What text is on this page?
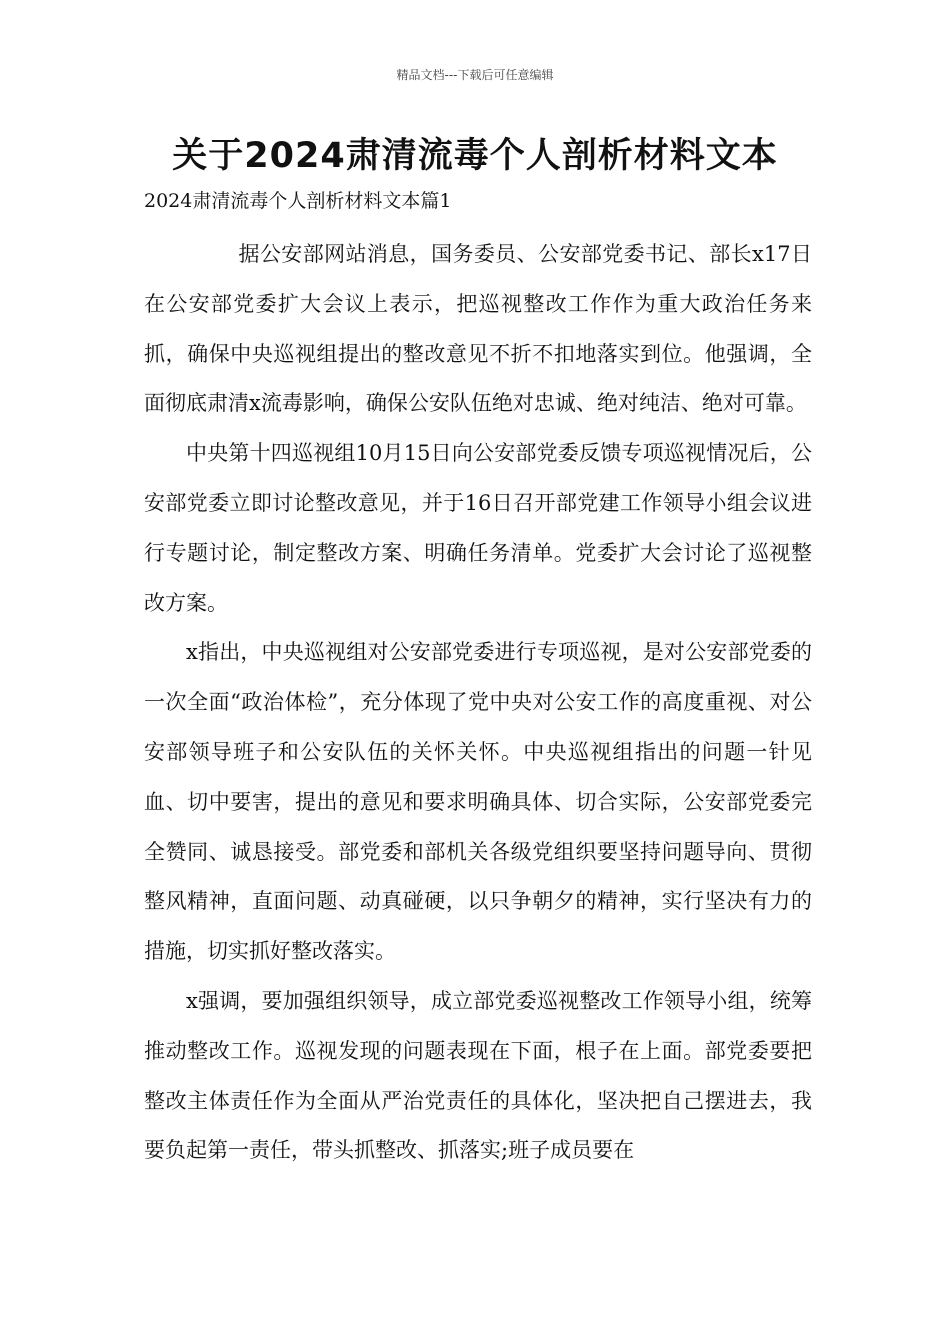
精品文档---下载后可任意编辑
关于2024肃清流毒个人剖析材料文本

2024肃清流毒个人剖析材料文本篇1

据公安部网站消息，国务委员、公安部党委书记、部长x17日在公安部党委扩大会议上表示，把巡视整改工作作为重大政治任务来抓，确保中央巡视组提出的整改意见不折不扣地落实到位。他强调，全面彻底肃清x流毒影响，确保公安队伍绝对忠诚、绝对纯洁、绝对可靠。

中央第十四巡视组10月15日向公安部党委反馈专项巡视情况后，公安部党委立即讨论整改意见，并于16日召开部党建工作领导小组会议进行专题讨论，制定整改方案、明确任务清单。党委扩大会讨论了巡视整改方案。

x指出，中央巡视组对公安部党委进行专项巡视，是对公安部党委的一次全面“政治体检”，充分体现了党中央对公安工作的高度重视、对公安部领导班子和公安队伍的关怀关怀。中央巡视组指出的问题一针见血、切中要害，提出的意见和要求明确具体、切合实际，公安部党委完全赞同、诚恳接受。部党委和部机关各级党组织要坚持问题导向、贯彻整风精神，直面问题、动真碰硬，以只争朝夕的精神，实行坚决有力的措施，切实抓好整改落实。

x强调，要加强组织领导，成立部党委巡视整改工作领导小组，统筹推动整改工作。巡视发现的问题表现在下面，根子在上面。部党委要把整改主体责任作为全面从严治党责任的具体化，坚决把自己摆进去，我要负起第一责任，带头抓整改、抓落实;班子成员要在
